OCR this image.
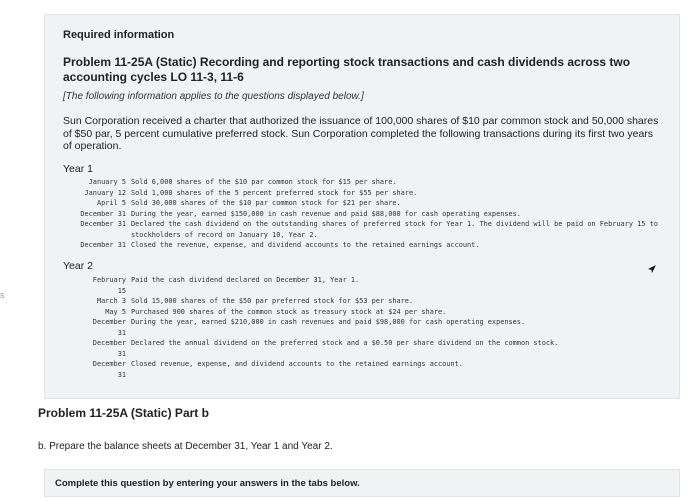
s
Required information
Problem 11-25A (Static) Recording and reporting stock transactions and cash dividends across two accounting cycles LO 11-3, 11-6
[The following information applies to the questions displayed below.]
Sun Corporation received a charter that authorized the issuance of 100,000 shares of $10 par common stock and 50,000 shares of $50 par, 5 percent cumulative preferred stock. Sun Corporation completed the following transactions during its first two years of operation.
Year 1
January 5	Sold 6,000 shares of the $10 par common stock for $15 per share.
January 12	Sold 1,000 shares of the 5 percent preferred stock for $55 per share.
April 5	Sold 30,000 shares of the $10 par common stock for $21 per share.
December 31	During the year, earned $150,000 in cash revenue and paid $88,000 for cash operating expenses.
December 31	Declared the cash dividend on the outstanding shares of preferred stock for Year 1. The dividend will be paid on February 15 to stockholders of record on January 10, Year 2.
December 31	Closed the revenue, expense, and dividend accounts to the retained earnings account.
Year 2
February
15	Paid the cash dividend declared on December 31, Year 1.
March 3	Sold 15,000 shares of the $50 par preferred stock for $53 per share.
May 5	Purchased 900 shares of the common stock as treasury stock at $24 per share.
December
31	During the year, earned $210,000 in cash revenues and paid $98,000 for cash operating expenses.
December
31	Declared the annual dividend on the preferred stock and a $0.50 per share dividend on the common stock.
December
31	Closed revenue, expense, and dividend accounts to the retained earnings account.
Problem 11-25A (Static) Part b
b. Prepare the balance sheets at December 31, Year 1 and Year 2.
Complete this question by entering your answers in the tabs below.
